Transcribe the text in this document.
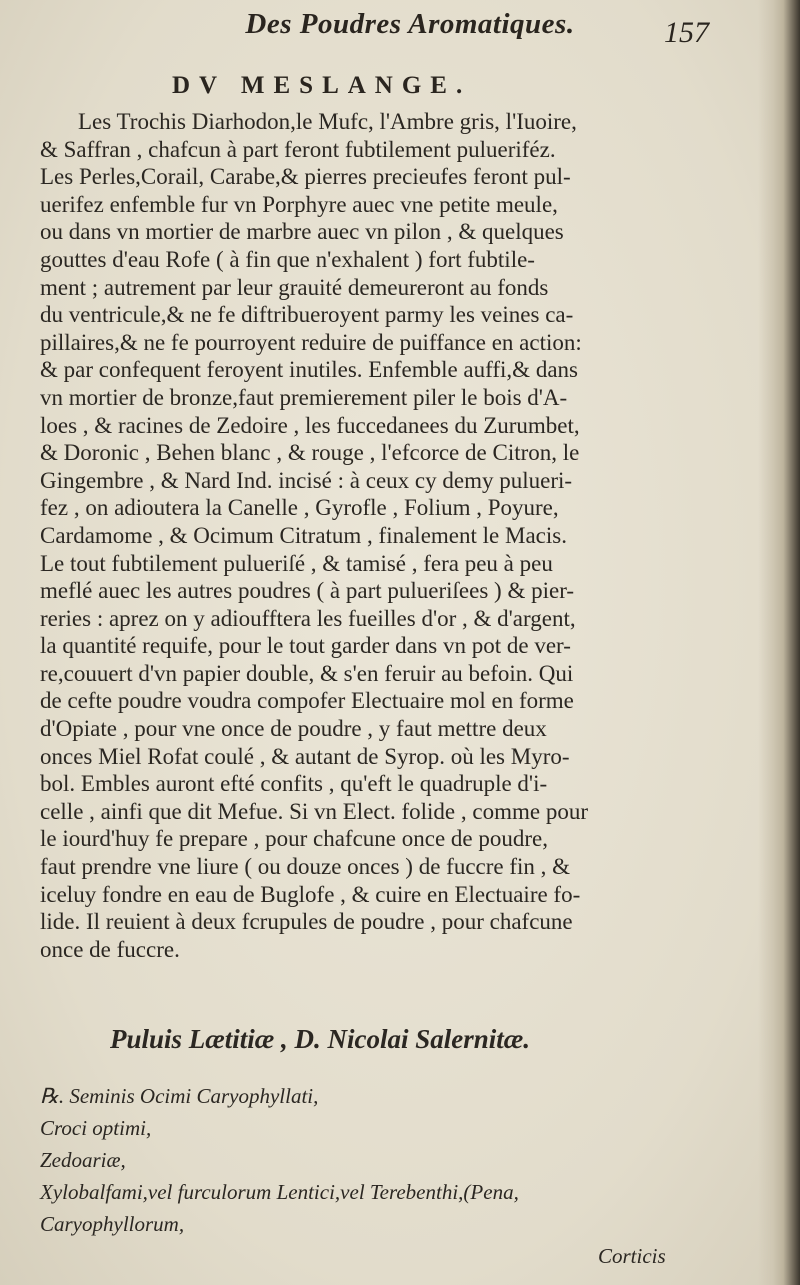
Des Poudres Aromatiques.	157
DV MESLANGE.
Les Trochis Diarhodon,le Mufc, l'Ambre gris, l'Iuoire,
& Saffran , chafcun à part feront fubtilement pulueriféz.
Les Perles,Corail, Carabe,& pierres precieufes feront pul-
uerifez enfemble fur vn Porphyre auec vne petite meule,
ou dans vn mortier de marbre auec vn pilon , & quelques
gouttes d'eau Rofe ( à fin que n'exhalent ) fort fubtile-
ment ; autrement par leur grauité demeureront au fonds
du ventricule,& ne fe diftribueroyent parmy les veines ca-
pillaires,& ne fe pourroyent reduire de puiffance en action:
& par confequent feroyent inutiles. Enfemble auffi,& dans
vn mortier de bronze,faut premierement piler le bois d'A-
loes , & racines de Zedoire , les fuccedanees du Zurumbet,
& Doronic , Behen blanc , & rouge , l'efcorce de Citron, le
Gingembre , & Nard Ind. incisé : à ceux cy demy pulueri-
fez , on adioutera la Canelle , Gyrofle , Folium , Poyure,
Cardamome , & Ocimum Citratum , finalement le Macis.
Le tout fubtilement pulueriſé , & tamisé , fera peu à peu
meflé auec les autres poudres ( à part pulueriſees ) & pier-
reries : aprez on y adioufftera les fueilles d'or , & d'argent,
la quantité requife, pour le tout garder dans vn pot de ver-
re,couuert d'vn papier double, & s'en feruir au befoin. Qui
de cefte poudre voudra compofer Electuaire mol en forme
d'Opiate , pour vne once de poudre , y faut mettre deux
onces Miel Rofat coulé , & autant de Syrop. où les Myro-
bol. Embles auront efté confits , qu'eft le quadruple d'i-
celle , ainfi que dit Mefue. Si vn Elect. folide , comme pour
le iourd'huy fe prepare , pour chafcune once de poudre,
faut prendre vne liure ( ou douze onces ) de fuccre fin , &
iceluy fondre en eau de Buglofe , & cuire en Electuaire fo-
lide. Il reuient à deux fcrupules de poudre , pour chafcune
once de fuccre.
Puluis Lætitiæ , D. Nicolai Salernitæ.
℞. Seminis Ocimi Caryophyllati,
Croci optimi,
Zedoariæ,
Xylobalfami,vel furculorum Lentici,vel Terebenthi,(Pena,
Caryophyllorum,
Corticis
